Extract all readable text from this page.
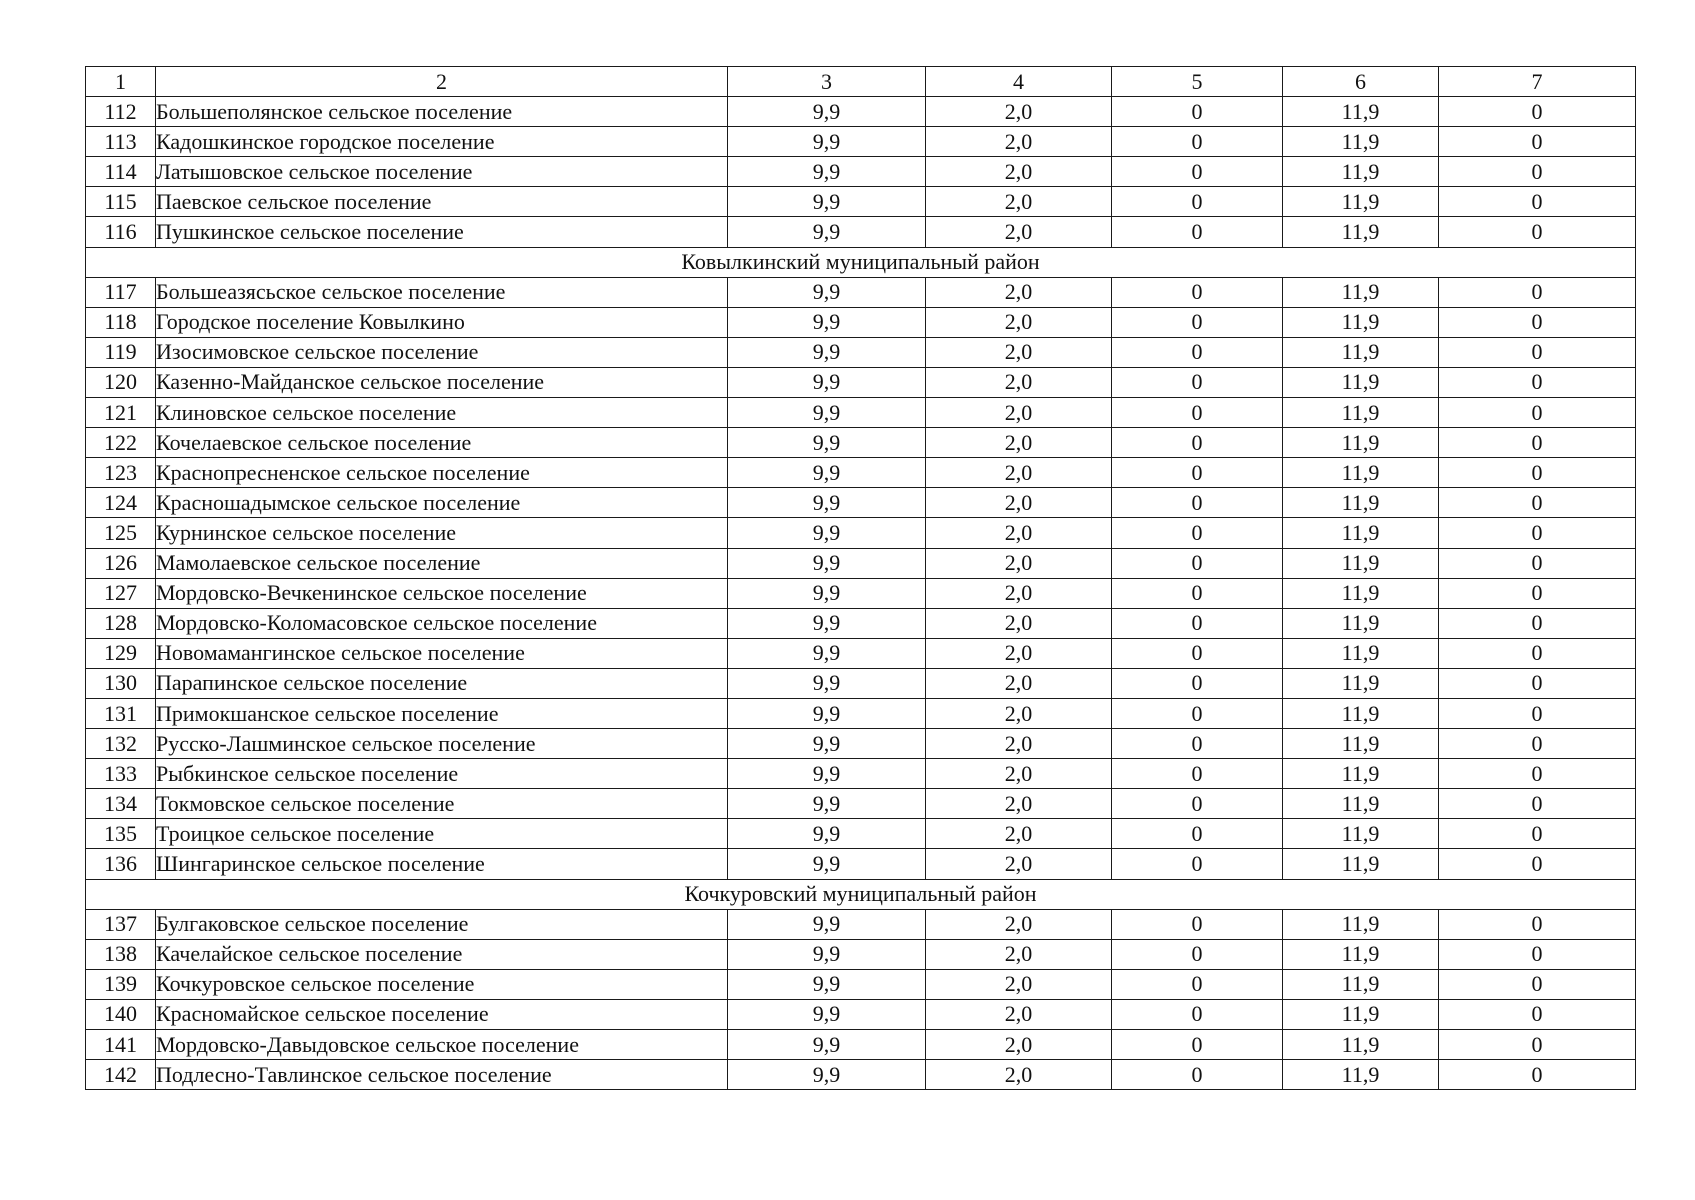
1	2	3	4	5	6	7
112	Большеполянское сельское поселение	9,9	2,0	0	11,9	0
113	Кадошкинское городское поселение	9,9	2,0	0	11,9	0
114	Латышовское сельское поселение	9,9	2,0	0	11,9	0
115	Паевское сельское поселение	9,9	2,0	0	11,9	0
116	Пушкинское сельское поселение	9,9	2,0	0	11,9	0
Ковылкинский муниципальный район						
117	Большеазясьское сельское поселение	9,9	2,0	0	11,9	0
118	Городское поселение Ковылкино	9,9	2,0	0	11,9	0
119	Изосимовское сельское поселение	9,9	2,0	0	11,9	0
120	Казенно-Майданское сельское поселение	9,9	2,0	0	11,9	0
121	Клиновское сельское поселение	9,9	2,0	0	11,9	0
122	Кочелаевское сельское поселение	9,9	2,0	0	11,9	0
123	Краснопресненское сельское поселение	9,9	2,0	0	11,9	0
124	Красношадымское сельское поселение	9,9	2,0	0	11,9	0
125	Курнинское сельское поселение	9,9	2,0	0	11,9	0
126	Мамолаевское сельское поселение	9,9	2,0	0	11,9	0
127	Мордовско-Вечкенинское сельское поселение	9,9	2,0	0	11,9	0
128	Мордовско-Коломасовское сельское поселение	9,9	2,0	0	11,9	0
129	Новомамангинское сельское поселение	9,9	2,0	0	11,9	0
130	Парапинское сельское поселение	9,9	2,0	0	11,9	0
131	Примокшанское сельское поселение	9,9	2,0	0	11,9	0
132	Русско-Лашминское сельское поселение	9,9	2,0	0	11,9	0
133	Рыбкинское сельское поселение	9,9	2,0	0	11,9	0
134	Токмовское сельское поселение	9,9	2,0	0	11,9	0
135	Троицкое сельское поселение	9,9	2,0	0	11,9	0
136	Шингаринское сельское поселение	9,9	2,0	0	11,9	0
Кочкуровский муниципальный район						
137	Булгаковское сельское поселение	9,9	2,0	0	11,9	0
138	Качелайское сельское поселение	9,9	2,0	0	11,9	0
139	Кочкуровское сельское поселение	9,9	2,0	0	11,9	0
140	Красномайское сельское поселение	9,9	2,0	0	11,9	0
141	Мордовско-Давыдовское сельское поселение	9,9	2,0	0	11,9	0
142	Подлесно-Тавлинское сельское поселение	9,9	2,0	0	11,9	0
